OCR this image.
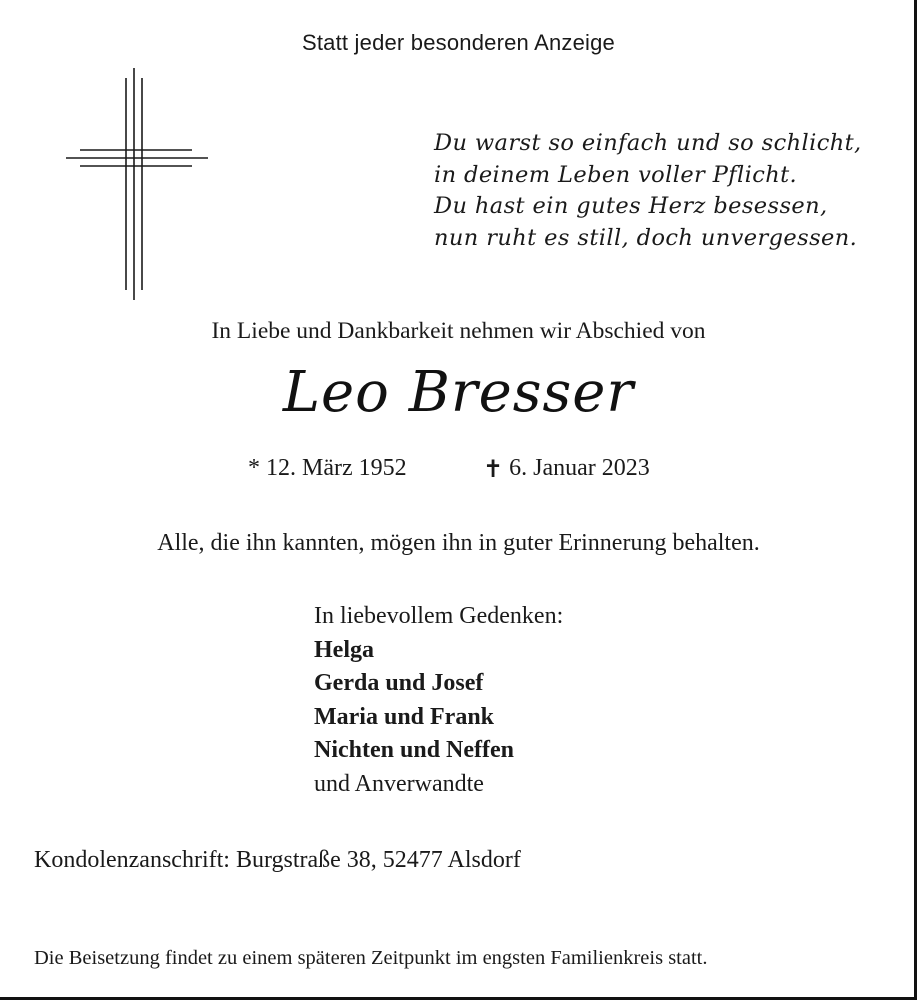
Statt jeder besonderen Anzeige
Du warst so einfach und so schlicht,
in deinem Leben voller Pflicht.
Du hast ein gutes Herz besessen,
nun ruht es still, doch unvergessen.
In Liebe und Dankbarkeit nehmen wir Abschied von
Leo Bresser
* 12. März 1952	✝ 6. Januar 2023
Alle, die ihn kannten, mögen ihn in guter Erinnerung behalten.
In liebevollem Gedenken:
Helga
Gerda und Josef
Maria und Frank
Nichten und Neffen
und Anverwandte
Kondolenzanschrift: Burgstraße 38, 52477 Alsdorf
Die Beisetzung findet zu einem späteren Zeitpunkt im engsten Familienkreis statt.
